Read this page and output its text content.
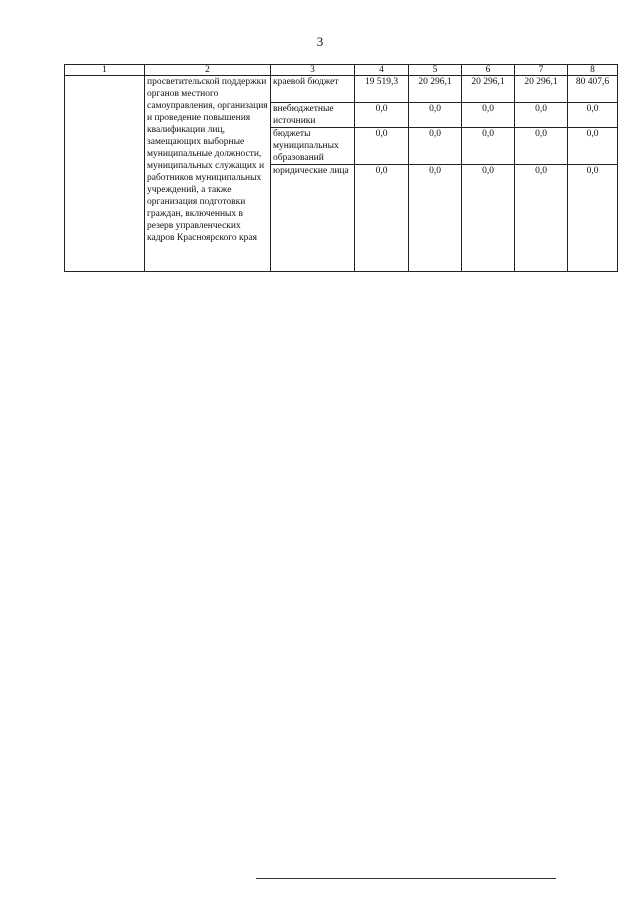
3
1	2	3	4	5	6	7	8
	просветительской поддержки органов местного самоуправления, организация и проведение повышения квалификации лиц, замещающих выборные муниципальные должности, муниципальных служащих и работников муниципальных учреждений, а также организация подготовки граждан, включенных в резерв управленческих кадров Красноярского края	краевой бюджет	19 519,3	20 296,1	20 296,1	20 296,1	80 407,6
		внебюджетные источники	0,0	0,0	0,0	0,0	0,0
		бюджеты муниципальных образований	0,0	0,0	0,0	0,0	0,0
		юридические лица	0,0	0,0	0,0	0,0	0,0
